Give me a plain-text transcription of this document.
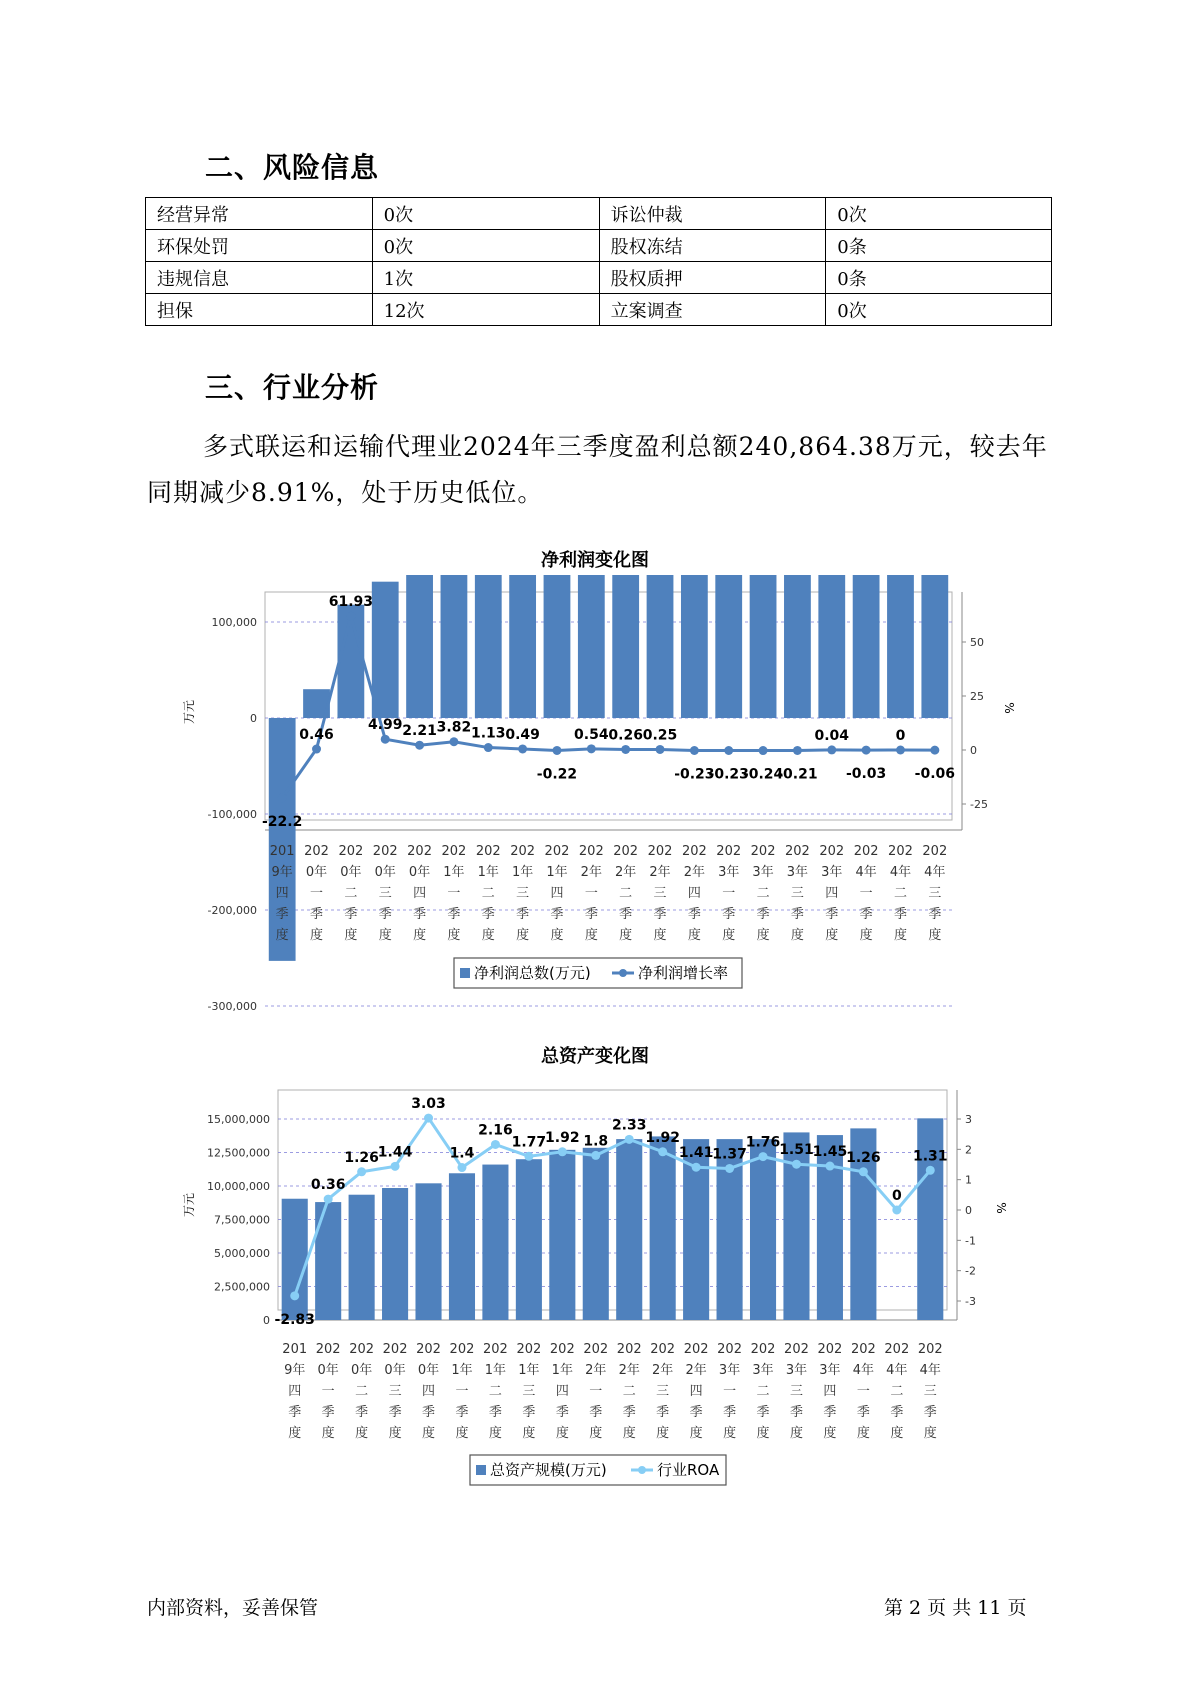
二、风险信息
经营异常	0次	诉讼仲裁	0次
环保处罚	0次	股权冻结	0条
违规信息	1次	股权质押	0条
担保	12次	立案调查	0次
三、行业分析
多式联运和运输代理业2024年三季度盈利总额240,864.38万元，较去年同期减少8.91%，处于历史低位。
净利润变化图
100,000
0
-100,000
-200,000
-300,000
50
25
0
-25
万元	%
-22.2
0.46
61.93
4.99 2.21 3.82 1.13 0.49
-0.22
0.54 0.26 0.25
-0.23
-0.23
-0.24
-0.21
0.04
-0.03
0
-0.06
201 9年四季度
202 0年一季度
202 0年二季度
202 0年三季度
202 0年四季度
202 1年一季度
202 1年二季度
202 1年三季度
202 1年四季度
202 2年一季度
202 2年二季度
202 2年三季度
202 2年四季度
202 3年一季度
202 3年二季度
202 3年三季度
202 3年四季度
202 4年一季度
202 4年二季度
202 4年三季度
净利润总数(万元)	净利润增长率
总资产变化图
15,000,000
12,500,000
10,000,000
7,500,000
5,000,000
2,500,000
0
3
2
1
0
-1
-2
-3
万元	%
-2.83
0.36
1.26
1.44
3.03
1.4
2.16
1.77
1.92 1.8
2.33
1.92
1.41
1.37
1.76
1.51
1.45
1.26
0
1.31
201 9年四季度
202 0年一季度
202 0年二季度
202 0年三季度
202 0年四季度
202 1年一季度
202 1年二季度
202 1年三季度
202 1年四季度
202 2年一季度
202 2年二季度
202 2年三季度
202 2年四季度
202 3年一季度
202 3年二季度
202 3年三季度
202 3年四季度
202 4年一季度
202 4年二季度
202 4年三季度
总资产规模(万元)	行业ROA
内部资料，妥善保管	第 2 页 共 11 页
